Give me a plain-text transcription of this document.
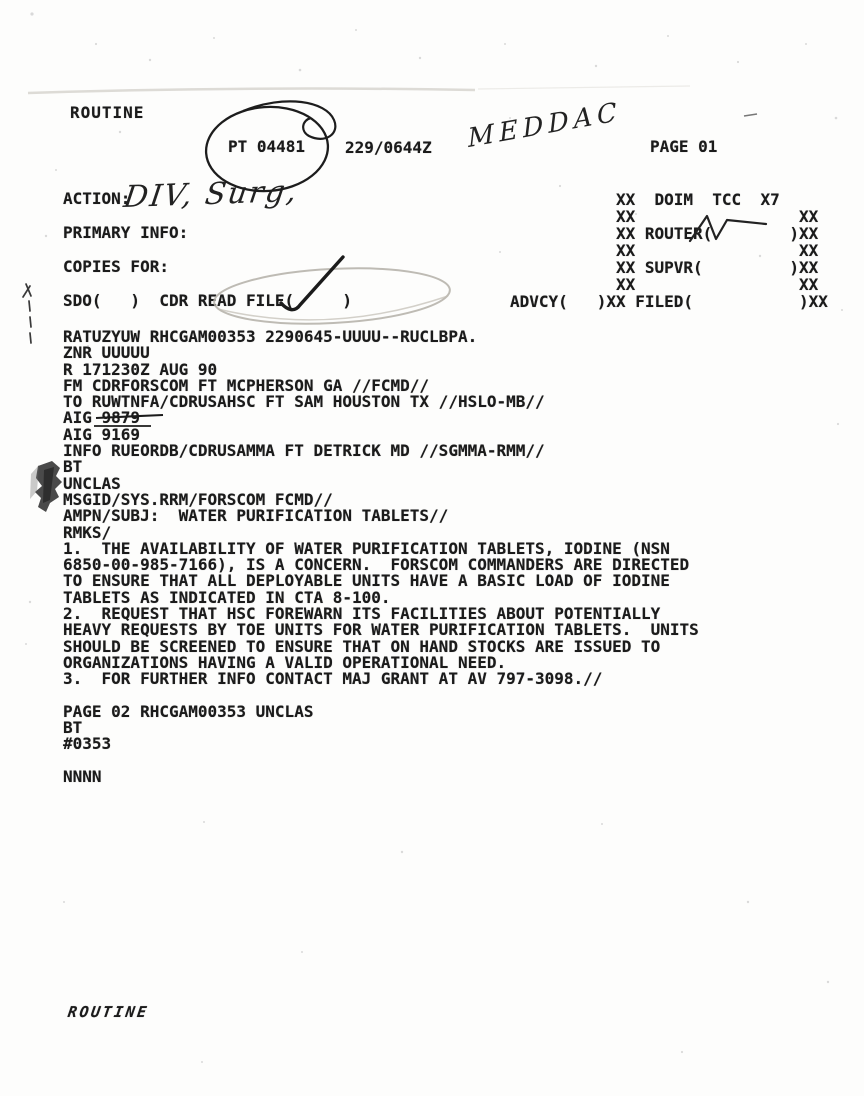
ROUTINE
PT 04481 229/0644Z MEDDAC PAGE 01
ACTION:
DIV, Surg,
PRIMARY INFO:
COPIES FOR:
SDO(   )  CDR READ FILE(     )
XX  DOIM  TCC  X7
XX                 XX
XX ROUTER(        )XX
XX                 XX
XX SUPVR(         )XX
XX                 XX
ADVCY(   )XX FILED(           )XX
RATUZYUW RHCGAM00353 2290645-UUUU--RUCLBPA.
ZNR UUUUU
R 171230Z AUG 90
FM CDRFORSCOM FT MCPHERSON GA //FCMD//
TO RUWTNFA/CDRUSAHSC FT SAM HOUSTON TX //HSLO-MB//
AIG 9879
AIG 9169
INFO RUEORDB/CDRUSAMMA FT DETRICK MD //SGMMA-RMM//
BT
UNCLAS
MSGID/SYS.RRM/FORSCOM FCMD//
AMPN/SUBJ:  WATER PURIFICATION TABLETS//
RMKS/
1.  THE AVAILABILITY OF WATER PURIFICATION TABLETS, IODINE (NSN
6850-00-985-7166), IS A CONCERN.  FORSCOM COMMANDERS ARE DIRECTED
TO ENSURE THAT ALL DEPLOYABLE UNITS HAVE A BASIC LOAD OF IODINE
TABLETS AS INDICATED IN CTA 8-100.
2.  REQUEST THAT HSC FOREWARN ITS FACILITIES ABOUT POTENTIALLY
HEAVY REQUESTS BY TOE UNITS FOR WATER PURIFICATION TABLETS.  UNITS
SHOULD BE SCREENED TO ENSURE THAT ON HAND STOCKS ARE ISSUED TO
ORGANIZATIONS HAVING A VALID OPERATIONAL NEED.
3.  FOR FURTHER INFO CONTACT MAJ GRANT AT AV 797-3098.//

PAGE 02 RHCGAM00353 UNCLAS
BT
#0353

NNNN
ROUTINE
